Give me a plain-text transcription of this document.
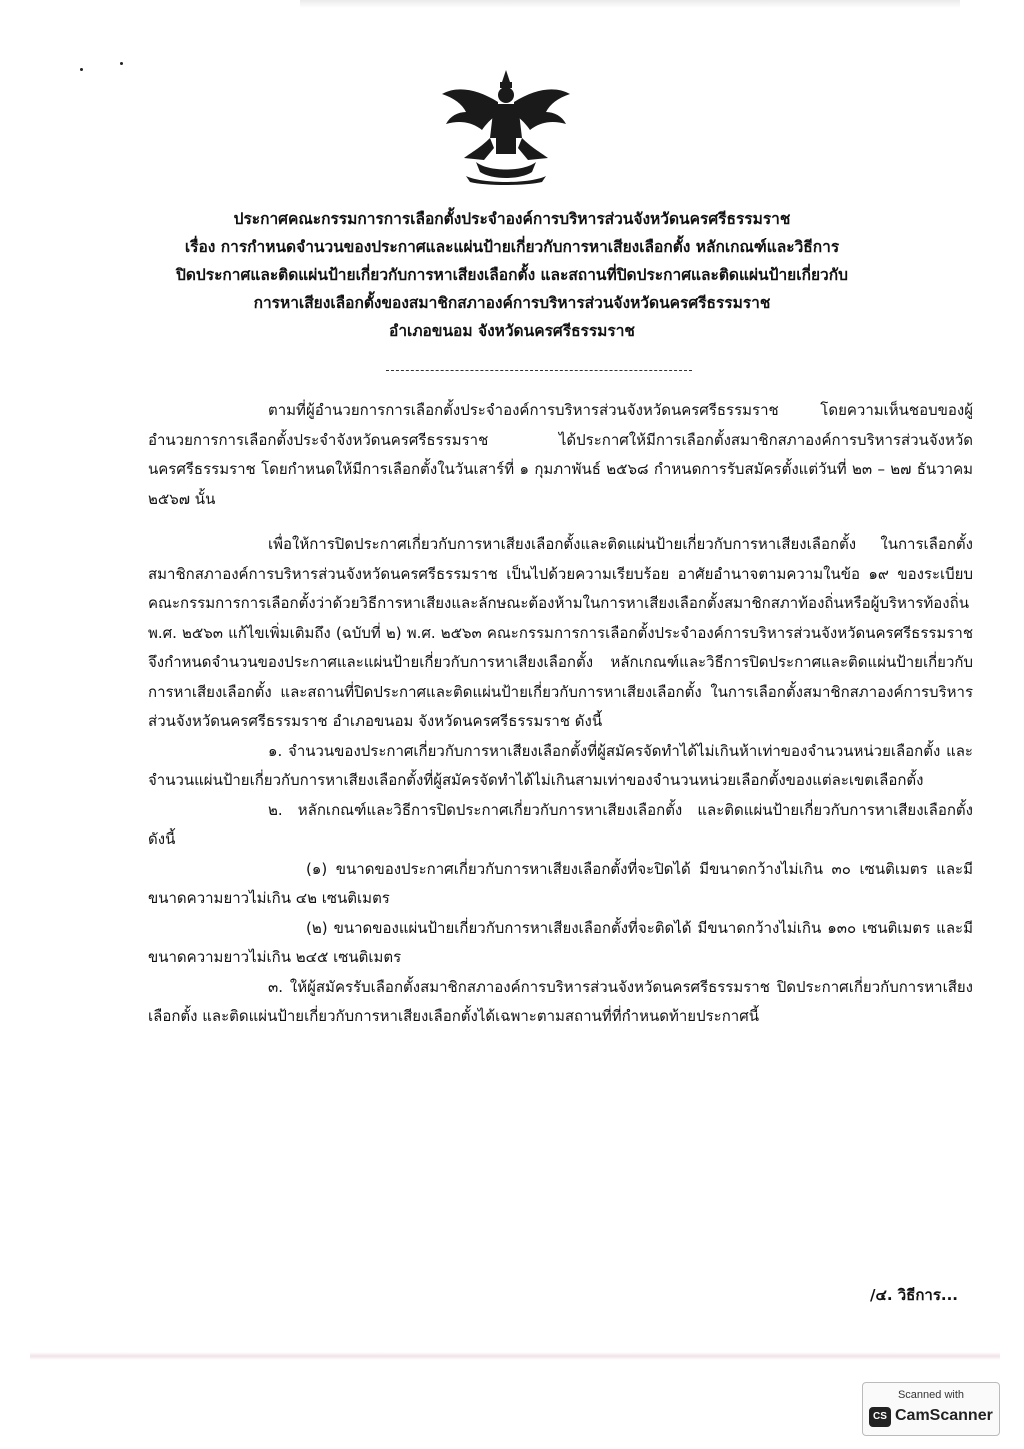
ประกาศคณะกรรมการการเลือกตั้งประจำองค์การบริหารส่วนจังหวัดนครศรีธรรมราช
เรื่อง การกำหนดจำนวนของประกาศและแผ่นป้ายเกี่ยวกับการหาเสียงเลือกตั้ง หลักเกณฑ์และวิธีการ
ปิดประกาศและติดแผ่นป้ายเกี่ยวกับการหาเสียงเลือกตั้ง และสถานที่ปิดประกาศและติดแผ่นป้ายเกี่ยวกับ
การหาเสียงเลือกตั้งของสมาชิกสภาองค์การบริหารส่วนจังหวัดนครศรีธรรมราช
อำเภอขนอม จังหวัดนครศรีธรรมราช

ตามที่ผู้อำนวยการการเลือกตั้งประจำองค์การบริหารส่วนจังหวัดนครศรีธรรมราช โดยความเห็นชอบของผู้อำนวยการการเลือกตั้งประจำจังหวัดนครศรีธรรมราช ได้ประกาศให้มีการเลือกตั้งสมาชิกสภาองค์การบริหารส่วนจังหวัดนครศรีธรรมราช โดยกำหนดให้มีการเลือกตั้งในวันเสาร์ที่ ๑ กุมภาพันธ์ ๒๕๖๘ กำหนดการรับสมัครตั้งแต่วันที่ ๒๓ – ๒๗ ธันวาคม ๒๕๖๗ นั้น

เพื่อให้การปิดประกาศเกี่ยวกับการหาเสียงเลือกตั้งและติดแผ่นป้ายเกี่ยวกับการหาเสียงเลือกตั้ง ในการเลือกตั้งสมาชิกสภาองค์การบริหารส่วนจังหวัดนครศรีธรรมราช เป็นไปด้วยความเรียบร้อย อาศัยอำนาจตามความในข้อ ๑๙ ของระเบียบคณะกรรมการการเลือกตั้งว่าด้วยวิธีการหาเสียงและลักษณะต้องห้ามในการหาเสียงเลือกตั้งสมาชิกสภาท้องถิ่นหรือผู้บริหารท้องถิ่น พ.ศ. ๒๕๖๓ แก้ไขเพิ่มเติมถึง (ฉบับที่ ๒) พ.ศ. ๒๕๖๓ คณะกรรมการการเลือกตั้งประจำองค์การบริหารส่วนจังหวัดนครศรีธรรมราชจึงกำหนดจำนวนของประกาศและแผ่นป้ายเกี่ยวกับการหาเสียงเลือกตั้ง หลักเกณฑ์และวิธีการปิดประกาศและติดแผ่นป้ายเกี่ยวกับการหาเสียงเลือกตั้ง และสถานที่ปิดประกาศและติดแผ่นป้ายเกี่ยวกับการหาเสียงเลือกตั้ง ในการเลือกตั้งสมาชิกสภาองค์การบริหารส่วนจังหวัดนครศรีธรรมราช อำเภอขนอม จังหวัดนครศรีธรรมราช ดังนี้

๑. จำนวนของประกาศเกี่ยวกับการหาเสียงเลือกตั้งที่ผู้สมัครจัดทำได้ไม่เกินห้าเท่าของจำนวนหน่วยเลือกตั้ง และจำนวนแผ่นป้ายเกี่ยวกับการหาเสียงเลือกตั้งที่ผู้สมัครจัดทำได้ไม่เกินสามเท่าของจำนวนหน่วยเลือกตั้งของแต่ละเขตเลือกตั้ง

๒. หลักเกณฑ์และวิธีการปิดประกาศเกี่ยวกับการหาเสียงเลือกตั้ง และติดแผ่นป้ายเกี่ยวกับการหาเสียงเลือกตั้ง ดังนี้

(๑) ขนาดของประกาศเกี่ยวกับการหาเสียงเลือกตั้งที่จะปิดได้ มีขนาดกว้างไม่เกิน ๓๐ เซนติเมตร และมีขนาดความยาวไม่เกิน ๔๒ เซนติเมตร

(๒) ขนาดของแผ่นป้ายเกี่ยวกับการหาเสียงเลือกตั้งที่จะติดได้ มีขนาดกว้างไม่เกิน ๑๓๐ เซนติเมตร และมีขนาดความยาวไม่เกิน ๒๔๕ เซนติเมตร

๓. ให้ผู้สมัครรับเลือกตั้งสมาชิกสภาองค์การบริหารส่วนจังหวัดนครศรีธรรมราช ปิดประกาศเกี่ยวกับการหาเสียงเลือกตั้ง และติดแผ่นป้ายเกี่ยวกับการหาเสียงเลือกตั้งได้เฉพาะตามสถานที่ที่กำหนดท้ายประกาศนี้

/๔. วิธีการ...
Scanned with
CS CamScanner
